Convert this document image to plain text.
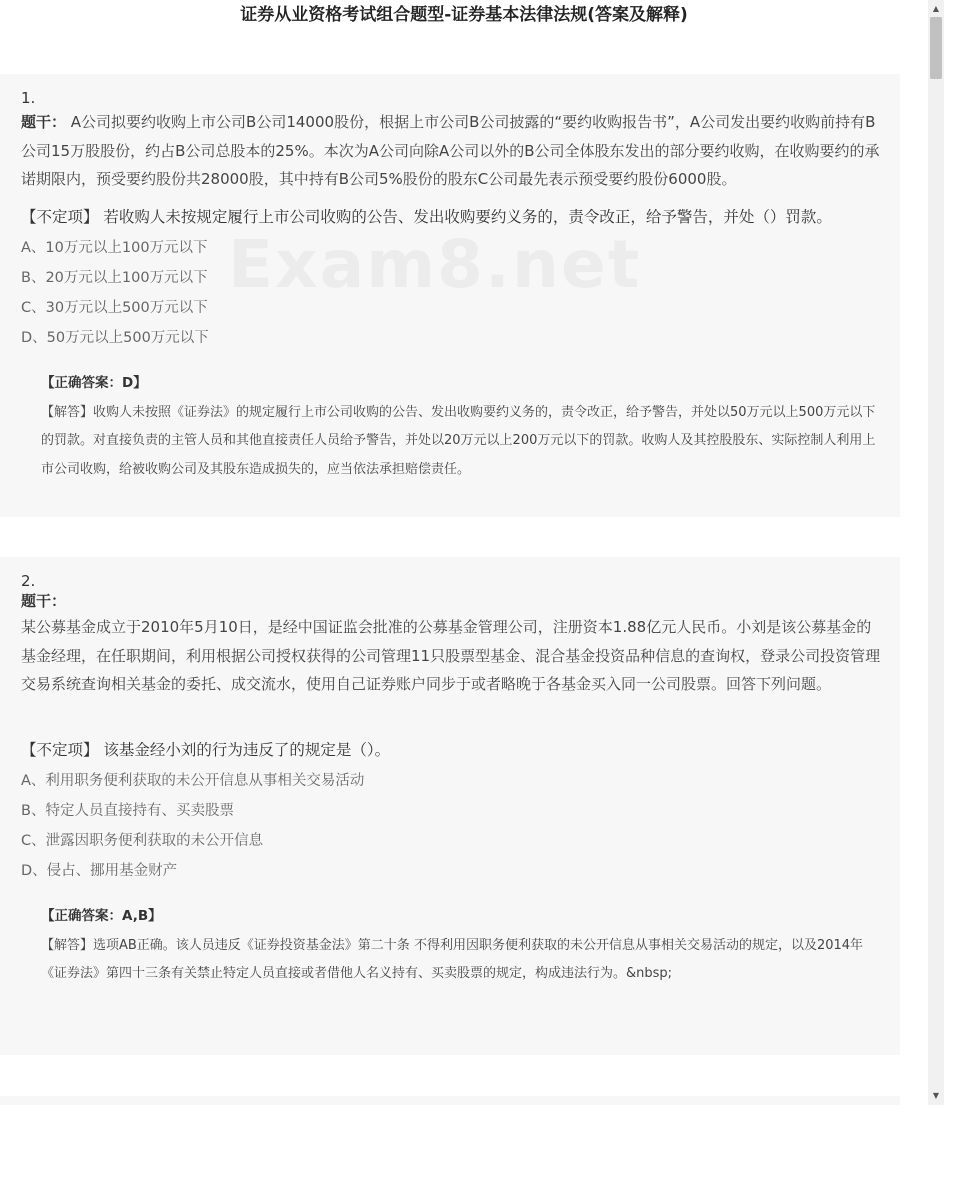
证券从业资格考试组合题型-证券基本法律法规(答案及解释)
1.

题干： A公司拟要约收购上市公司B公司14000股份，根据上市公司B公司披露的“要约收购报告书”，A公司发出要约收购前持有B公司15万股股份，约占B公司总股本的25%。本次为A公司向除A公司以外的B公司全体股东发出的部分要约收购，在收购要约的承诺期限内，预受要约股份共28000股，其中持有B公司5%股份的股东C公司最先表示预受要约股份6000股。

【不定项】 若收购人未按规定履行上市公司收购的公告、发出收购要约义务的，责令改正，给予警告，并处（）罚款。

A、10万元以上100万元以下
B、20万元以上100万元以下
C、30万元以上500万元以下
D、50万元以上500万元以下
【正确答案：D】

【解答】收购人未按照《证券法》的规定履行上市公司收购的公告、发出收购要约义务的，责令改正，给予警告，并处以50万元以上500万元以下的罚款。对直接负责的主管人员和其他直接责任人员给予警告，并处以20万元以上200万元以下的罚款。收购人及其控股股东、实际控制人利用上市公司收购，给被收购公司及其股东造成损失的，应当依法承担赔偿责任。

2.
题干：

某公募基金成立于2010年5月10日，是经中国证监会批准的公募基金管理公司，注册资本1.88亿元人民币。小刘是该公募基金的基金经理，在任职期间，利用根据公司授权获得的公司管理11只股票型基金、混合基金投资品种信息的查询权，登录公司投资管理交易系统查询相关基金的委托、成交流水，使用自己证券账户同步于或者略晚于各基金买入同一公司股票。回答下列问题。

【不定项】 该基金经小刘的行为违反了的规定是（）。

A、利用职务便利获取的未公开信息从事相关交易活动
B、特定人员直接持有、买卖股票
C、泄露因职务便利获取的未公开信息
D、侵占、挪用基金财产
【正确答案：A,B】

【解答】选项AB正确。该人员违反《证券投资基金法》第二十条 不得利用因职务便利获取的未公开信息从事相关交易活动的规定，以及2014年《证券法》第四十三条有关禁止特定人员直接或者借他人名义持有、买卖股票的规定，构成违法行为。&nbsp;

▲
▼
